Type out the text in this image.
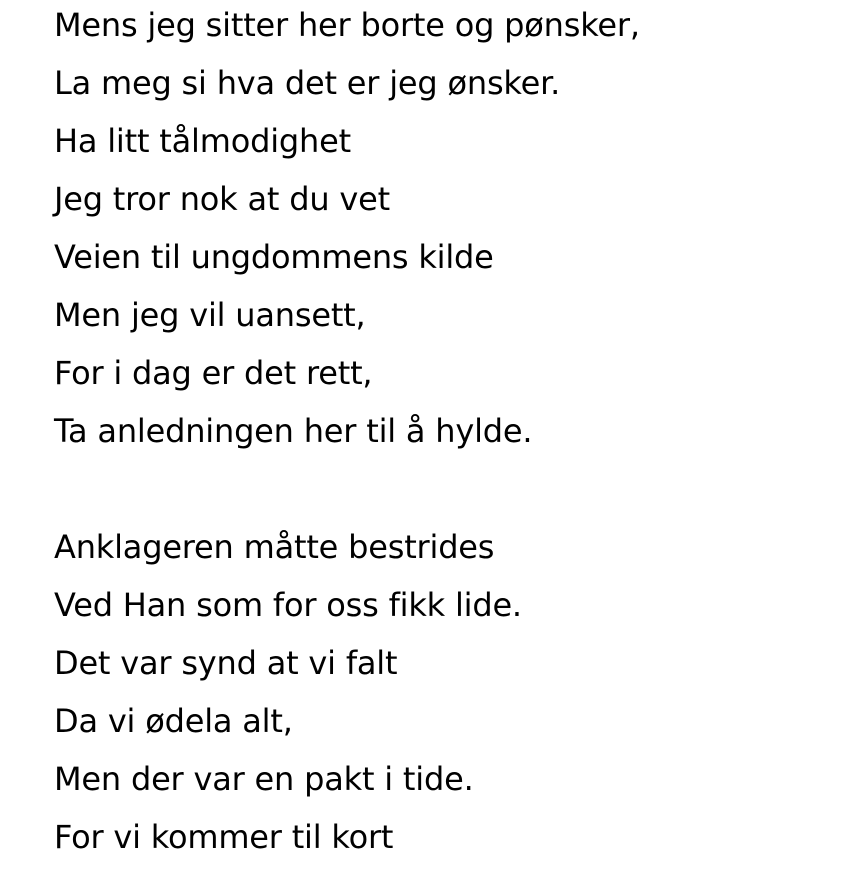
Mens jeg sitter her borte og pønsker,
La meg si hva det er jeg ønsker.
Ha litt tålmodighet
Jeg tror nok at du vet
Veien til ungdommens kilde
Men jeg vil uansett,
For i dag er det rett,
Ta anledningen her til å hylde.
Anklageren måtte bestrides
Ved Han som for oss fikk lide.
Det var synd at vi falt
Da vi ødela alt,
Men der var en pakt i tide.
For vi kommer til kort
